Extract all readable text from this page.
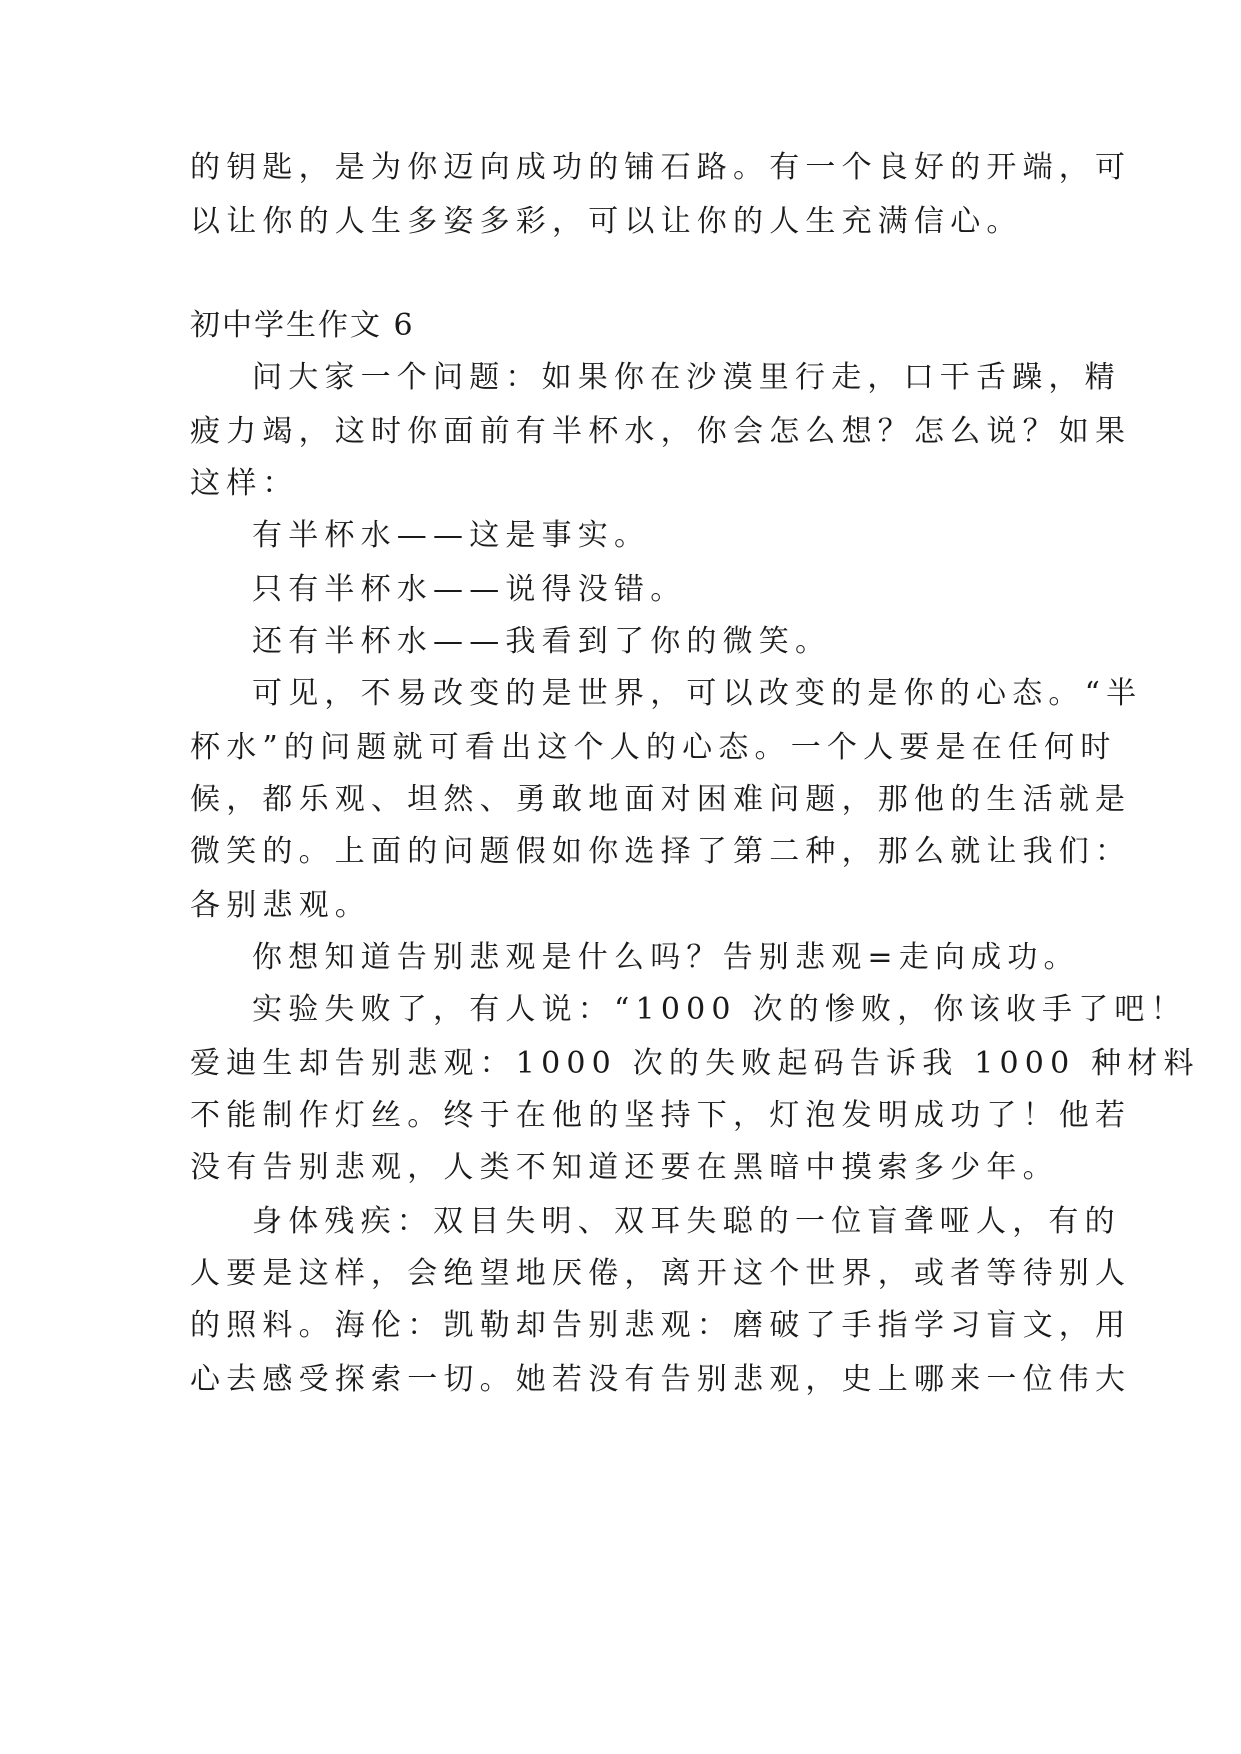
的钥匙，是为你迈向成功的铺石路。有一个良好的开端，可
以让你的人生多姿多彩，可以让你的人生充满信心。
初中学生作文 6
问大家一个问题：如果你在沙漠里行走，口干舌躁，精
疲力竭，这时你面前有半杯水，你会怎么想？怎么说？如果
这样：
有半杯水——这是事实。
只有半杯水——说得没错。
还有半杯水——我看到了你的微笑。
可见，不易改变的是世界，可以改变的是你的心态。“半
杯水”的问题就可看出这个人的心态。一个人要是在任何时
候，都乐观、坦然、勇敢地面对困难问题，那他的生活就是
微笑的。上面的问题假如你选择了第二种，那么就让我们：
各别悲观。
你想知道告别悲观是什么吗？告别悲观=走向成功。
实验失败了，有人说：“1000 次的惨败，你该收手了吧！
爱迪生却告别悲观：1000 次的失败起码告诉我 1000 种材料
不能制作灯丝。终于在他的坚持下，灯泡发明成功了！他若
没有告别悲观，人类不知道还要在黑暗中摸索多少年。
身体残疾：双目失明、双耳失聪的一位盲聋哑人，有的
人要是这样，会绝望地厌倦，离开这个世界，或者等待别人
的照料。海伦：凯勒却告别悲观：磨破了手指学习盲文，用
心去感受探索一切。她若没有告别悲观，史上哪来一位伟大
